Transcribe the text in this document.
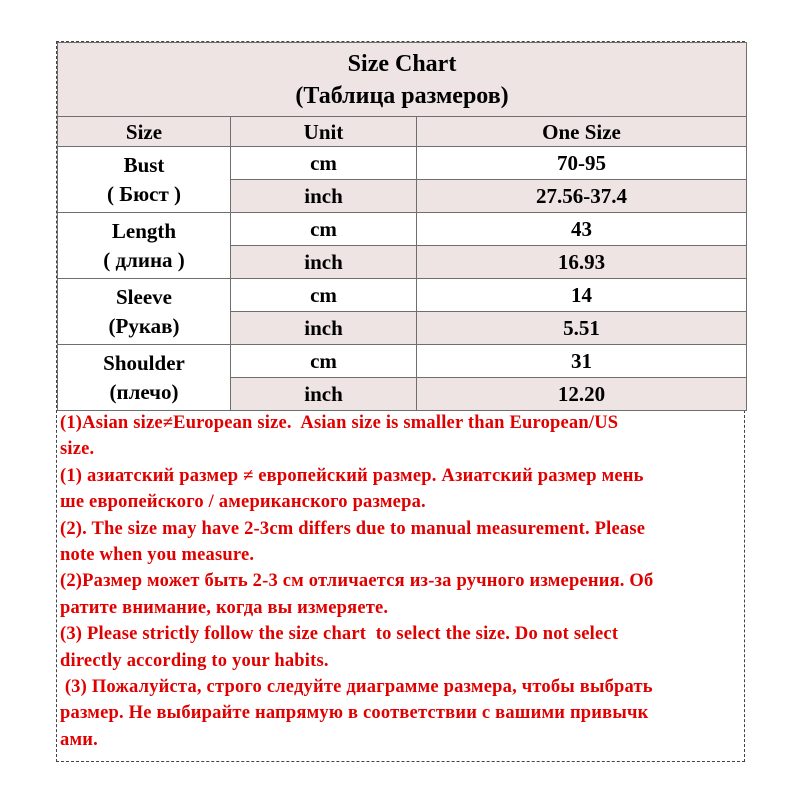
Size Chart
(Таблица размеров)		

Size	Unit	One Size

Bust
( Бюст )	cm	70-95
	inch	27.56-37.4

Length
( длина )	cm	43
	inch	16.93

Sleeve
(Рукав)	cm	14
	inch	5.51

Shoulder
(плечо)	cm	31
	inch	12.20
(1)Asian size≠European size.  Asian size is smaller than European/US
size.
(1) азиатский размер ≠ европейский размер. Азиатский размер мень
ше европейского / американского размера.
(2). The size may have 2-3cm differs due to manual measurement. Please
note when you measure.
(2)Размер может быть 2-3 см отличается из-за ручного измерения. Об
ратите внимание, когда вы измеряете.
(3) Please strictly follow the size chart  to select the size. Do not select
directly according to your habits.
(3) Пожалуйста, строго следуйте диаграмме размера, чтобы выбрать
размер. Не выбирайте напрямую в соответствии с вашими привычк
ами.
